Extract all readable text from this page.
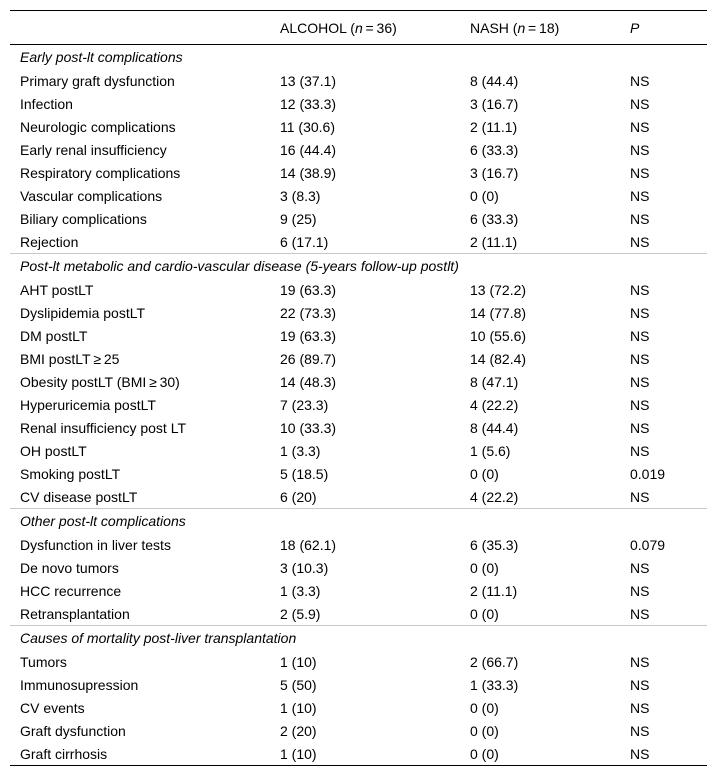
	ALCOHOL (n = 36)	NASH (n = 18)	P
Early post-lt complications			
Primary graft dysfunction	13 (37.1)	8 (44.4)	NS
Infection	12 (33.3)	3 (16.7)	NS
Neurologic complications	11 (30.6)	2 (11.1)	NS
Early renal insufficiency	16 (44.4)	6 (33.3)	NS
Respiratory complications	14 (38.9)	3 (16.7)	NS
Vascular complications	3 (8.3)	0 (0)	NS
Biliary complications	9 (25)	6 (33.3)	NS
Rejection	6 (17.1)	2 (11.1)	NS
Post-lt metabolic and cardio-vascular disease (5-years follow-up postlt)			
AHT postLT	19 (63.3)	13 (72.2)	NS
Dyslipidemia postLT	22 (73.3)	14 (77.8)	NS
DM postLT	19 (63.3)	10 (55.6)	NS
BMI postLT ≥ 25	26 (89.7)	14 (82.4)	NS
Obesity postLT (BMI ≥ 30)	14 (48.3)	8 (47.1)	NS
Hyperuricemia postLT	7 (23.3)	4 (22.2)	NS
Renal insufficiency post LT	10 (33.3)	8 (44.4)	NS
OH postLT	1 (3.3)	1 (5.6)	NS
Smoking postLT	5 (18.5)	0 (0)	0.019
CV disease postLT	6 (20)	4 (22.2)	NS
Other post-lt complications			
Dysfunction in liver tests	18 (62.1)	6 (35.3)	0.079
De novo tumors	3 (10.3)	0 (0)	NS
HCC recurrence	1 (3.3)	2 (11.1)	NS
Retransplantation	2 (5.9)	0 (0)	NS
Causes of mortality post-liver transplantation			
Tumors	1 (10)	2 (66.7)	NS
Immunosupression	5 (50)	1 (33.3)	NS
CV events	1 (10)	0 (0)	NS
Graft dysfunction	2 (20)	0 (0)	NS
Graft cirrhosis	1 (10)	0 (0)	NS
